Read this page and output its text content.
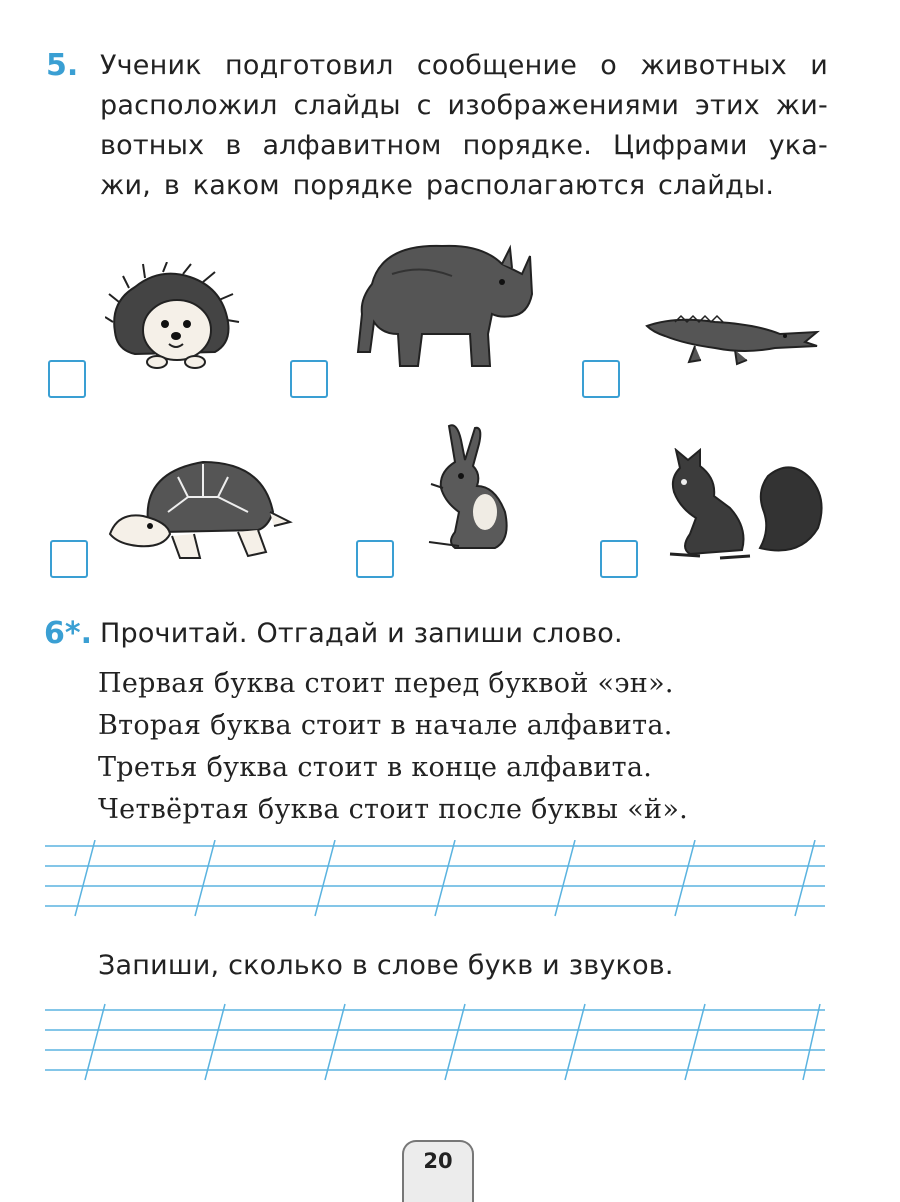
5. Ученик подготовил сообщение о животных и
расположил слайды с изображениями этих жи-
вотных в алфавитном порядке. Цифрами ука-
жи, в каком порядке располагаются слайды.
6*. Прочитай. Отгадай и запиши слово.
Первая буква стоит перед буквой «эн».
Вторая буква стоит в начале алфавита.
Третья буква стоит в конце алфавита.
Четвёртая буква стоит после буквы «й».
Запиши, сколько в слове букв и звуков.
20
